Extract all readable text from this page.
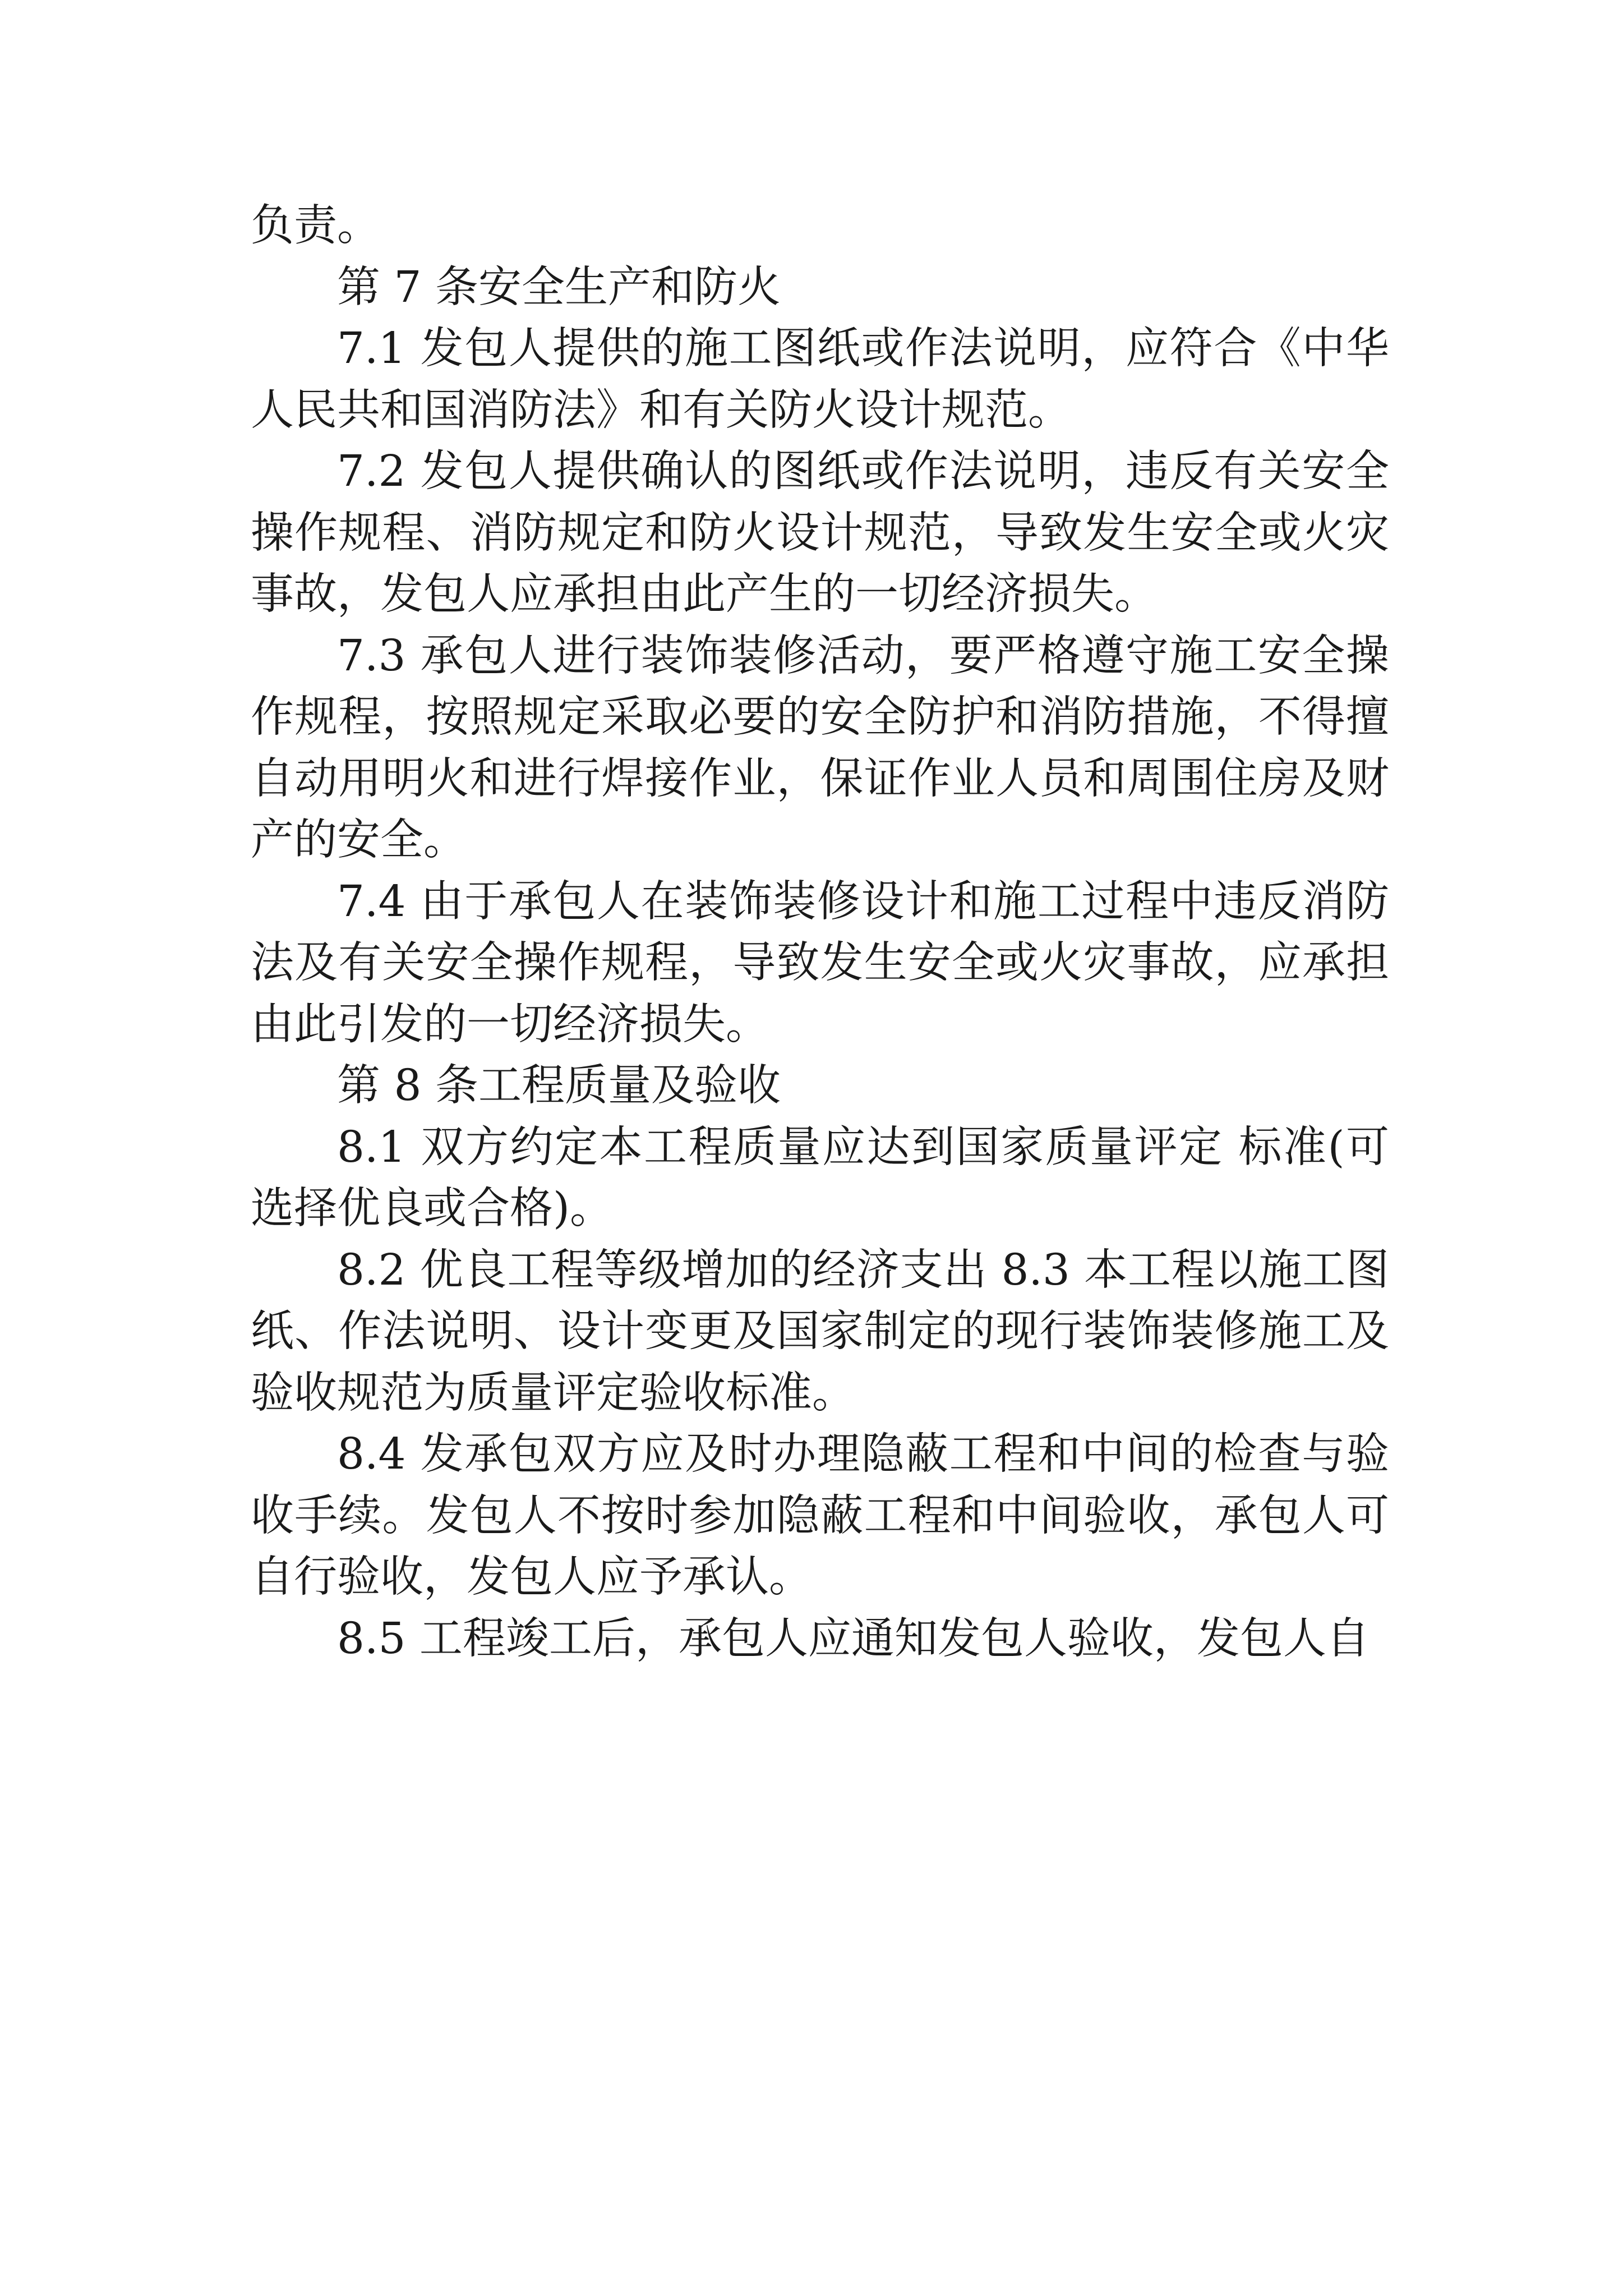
负责。

第 7 条安全生产和防火

7.1 发包人提供的施工图纸或作法说明，应符合《中华人民共和国消防法》和有关防火设计规范。

7.2 发包人提供确认的图纸或作法说明，违反有关安全操作规程、消防规定和防火设计规范，导致发生安全或火灾事故，发包人应承担由此产生的一切经济损失。

7.3 承包人进行装饰装修活动，要严格遵守施工安全操作规程，按照规定采取必要的安全防护和消防措施，不得擅自动用明火和进行焊接作业，保证作业人员和周围住房及财产的安全。

7.4 由于承包人在装饰装修设计和施工过程中违反消防法及有关安全操作规程，导致发生安全或火灾事故，应承担由此引发的一切经济损失。

第 8 条工程质量及验收

8.1 双方约定本工程质量应达到国家质量评定 标准(可选择优良或合格)。

8.2 优良工程等级增加的经济支出 8.3 本工程以施工图纸、作法说明、设计变更及国家制定的现行装饰装修施工及验收规范为质量评定验收标准。

8.4 发承包双方应及时办理隐蔽工程和中间的检查与验收手续。发包人不按时参加隐蔽工程和中间验收，承包人可自行验收，发包人应予承认。

8.5 工程竣工后，承包人应通知发包人验收，发包人自
